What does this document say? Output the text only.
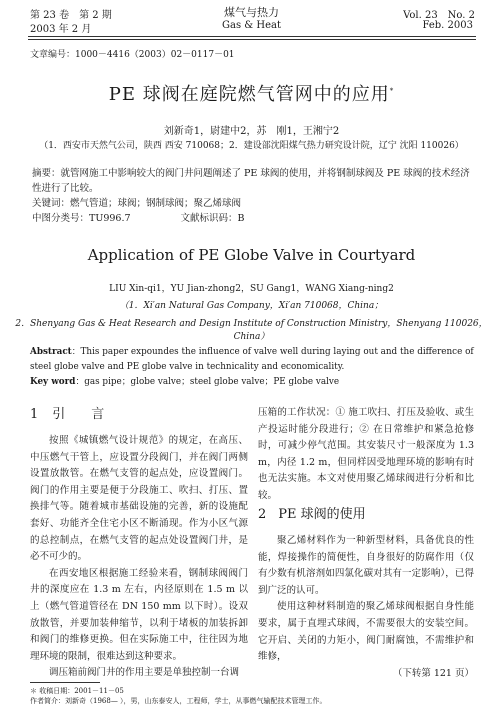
第 23 卷　第 2 期
2003 年 2 月
煤气与热力
Gas & Heat
Vol. 23　No. 2
Feb. 2003
文章编号：1000－4416（2003）02－0117－01
PE 球阀在庭院燃气管网中的应用*
刘新奇1，尉建中2，苏　刚1，王湘宁2
（1．西安市天然气公司，陕西 西安 710068；2．建设部沈阳煤气热力研究设计院，辽宁 沈阳 110026）

摘要：就管网施工中影响较大的阀门井问题阐述了 PE 球阀的使用，并将钢制球阀及 PE 球阀的技术经济性进行了比较。

关键词：燃气管道；球阀；钢制球阀；聚乙烯球阀

中图分类号：TU996.7	文献标识码：B

Application of PE Globe Valve in Courtyard
LIU Xin-qi1，YU Jian-zhong2，SU Gang1，WANG Xiang-ning2
（1．Xi′an Natural Gas Company，Xi′an 710068，China；
2．Shenyang Gas & Heat Research and Design Institute of Construction Ministry，Shenyang 110026，China）

Abstract：This paper expoundes the influence of valve well during laying out and the difference of steel globe valve and PE globe valve in technicality and economicality.

Key word：gas pipe；globe valve；steel globe valve；PE globe valve

1 引　　言

按照《城镇燃气设计规范》的规定，在高压、中压燃气干管上，应设置分段阀门，并在阀门两侧设置放散管。在燃气支管的起点处，应设置阀门。阀门的作用主要是便于分段施工、吹扫、打压、置换排气等。随着城市基础设施的完善，新的设施配套好、功能齐全住宅小区不断涌现。作为小区气源的总控制点，在燃气支管的起点处设置阀门井，是必不可少的。

在西安地区根据施工经验来看，钢制球阀阀门井的深度应在 1.3 m 左右，内径原则在 1.5 m 以上（燃气管道管径在 DN 150 mm 以下时）。设双放散管，并要加装伸缩节，以利于堵板的加装拆卸和阀门的维修更换。但在实际施工中，往往因为地理环境的限制，很难达到这种要求。

调压箱前阀门井的作用主要是单独控制一台调

压箱的工作状况：① 施工吹扫、打压及验收、或生产投运时能分段进行；② 在日常维护和紧急抢修时，可减少停气范围。其安装尺寸一般深度为 1.3 m，内径 1.2 m，但同样因受地理环境的影响有时也无法实施。本文对使用聚乙烯球阀进行分析和比较。

2 PE 球阀的使用

聚乙烯材料作为一种新型材料，具备优良的性能，焊接操作的简便性，自身很好的防腐作用（仅有少数有机溶剂如四氯化碳对其有一定影响），已得到广泛的认可。

使用这种材料制造的聚乙烯球阀根据自身性能要求，属于直埋式球阀，不需要很大的安装空间。它开启、关闭的力矩小，阀门耐腐蚀，不需维护和维修，

（下转第 121 页）

＊ 收稿日期：2001－11－05
作者简介：刘新奇（1968— ），男，山东泰安人，工程师，学士，从事燃气输配技术管理工作。
